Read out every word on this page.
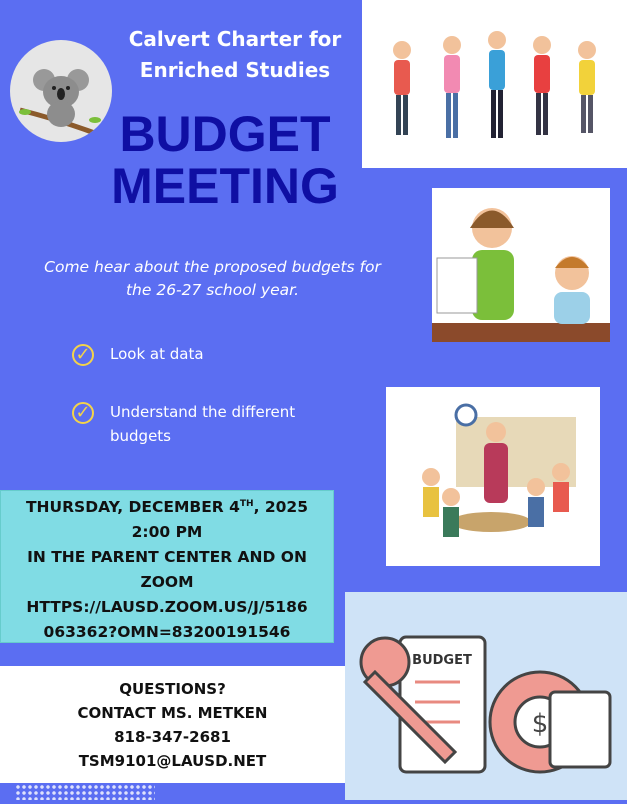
Calvert Charter for
Enriched Studies
BUDGET
MEETING
Come hear about the proposed budgets for
the 26-27 school year.
✓ Look at data
✓ Understand the different
budgets
THURSDAY, DECEMBER 4TH, 2025
2:00 PM
IN THE PARENT CENTER AND ON
ZOOM
HTTPS://LAUSD.ZOOM.US/J/5186
063362?OMN=83200191546
QUESTIONS?
CONTACT MS. METKEN
818-347-2681
TSM9101@LAUSD.NET
BUDGET
$
